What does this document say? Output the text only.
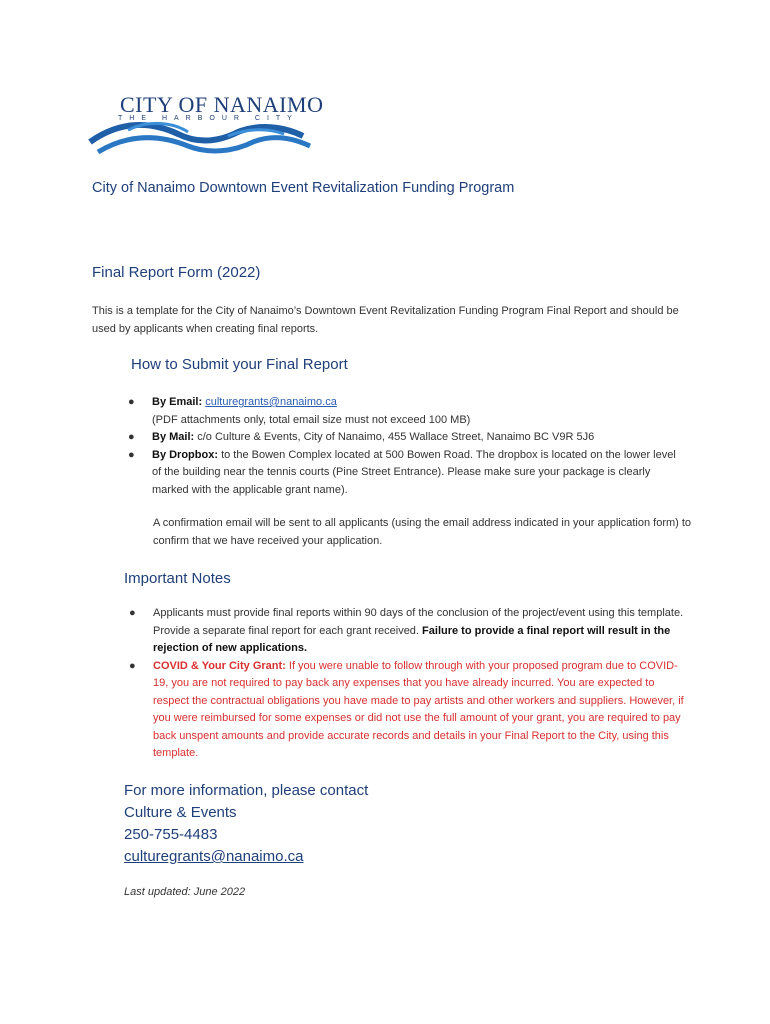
CITY OF NANAIMO
THE HARBOUR CITY
City of Nanaimo Downtown Event Revitalization Funding Program
Final Report Form (2022)
This is a template for the City of Nanaimo’s Downtown Event Revitalization Funding Program Final Report and should be used by applicants when creating final reports.
How to Submit your Final Report
● By Email: culturegrants@nanaimo.ca
(PDF attachments only, total email size must not exceed 100 MB)
● By Mail: c/o Culture & Events, City of Nanaimo, 455 Wallace Street, Nanaimo BC V9R 5J6
● By Dropbox: to the Bowen Complex located at 500 Bowen Road. The dropbox is located on the lower level of the building near the tennis courts (Pine Street Entrance). Please make sure your package is clearly marked with the applicable grant name).
A confirmation email will be sent to all applicants (using the email address indicated in your application form) to confirm that we have received your application.
Important Notes
● Applicants must provide final reports within 90 days of the conclusion of the project/event using this template. Provide a separate final report for each grant received. Failure to provide a final report will result in the rejection of new applications.
● COVID & Your City Grant: If you were unable to follow through with your proposed program due to COVID-19, you are not required to pay back any expenses that you have already incurred. You are expected to respect the contractual obligations you have made to pay artists and other workers and suppliers. However, if you were reimbursed for some expenses or did not use the full amount of your grant, you are required to pay back unspent amounts and provide accurate records and details in your Final Report to the City, using this template.
For more information, please contact
Culture & Events
250-755-4483
culturegrants@nanaimo.ca
Last updated: June 2022
